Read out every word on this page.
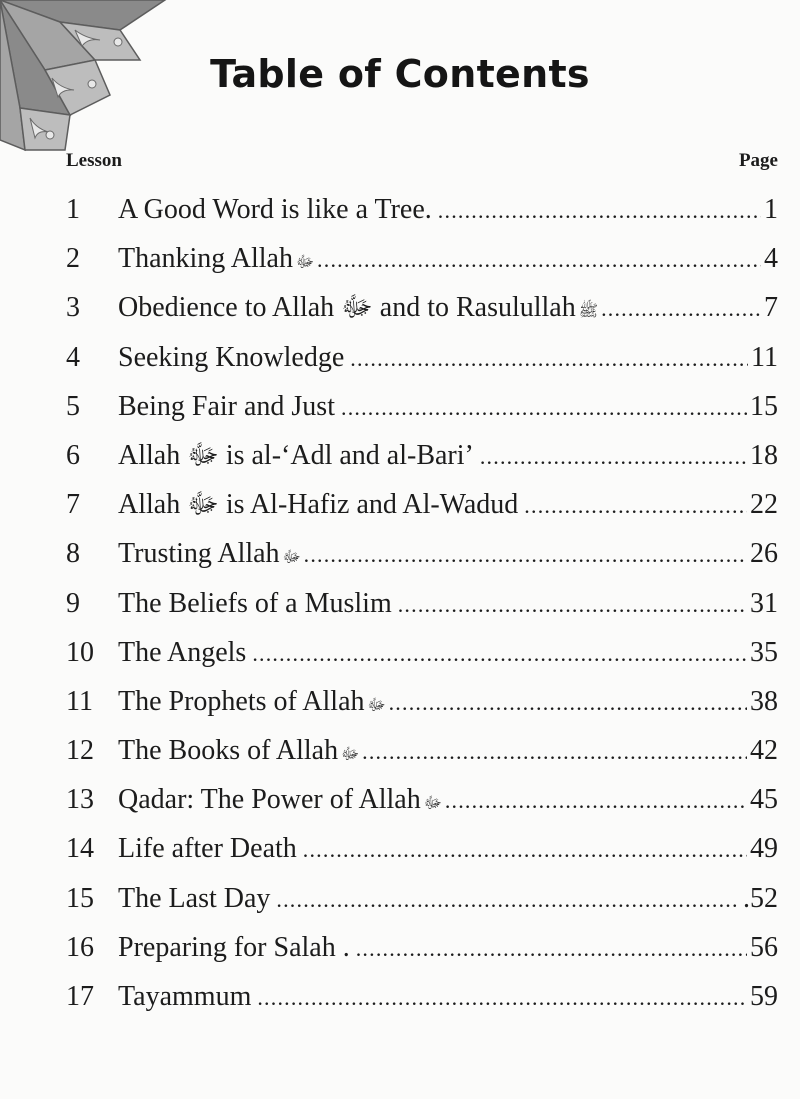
Table of Contents
Lesson	Page
1	A Good Word is like a Tree. .....	1
2	Thanking Allah ﷻ .....	4
3	Obedience to Allah ﷻ and to Rasulullah ﷺ .....	7
4	Seeking Knowledge .....	11
5	Being Fair and Just .....	15
6	Allah ﷻ is al-‘Adl and al-Bari’ .....	18
7	Allah ﷻ is Al-Hafiz and Al-Wadud .....	22
8	Trusting Allah ﷻ .....	26
9	The Beliefs of a Muslim .....	31
10 The Angels .....	35
11 The Prophets of Allah ﷻ .....	38
12 The Books of Allah ﷻ .....	42
13 Qadar: The Power of Allah ﷻ .....	45
14 Life after Death .....	49
15 The Last Day .....	.52
16 Preparing for Salah . .....	56
17 Tayammum .....	59
